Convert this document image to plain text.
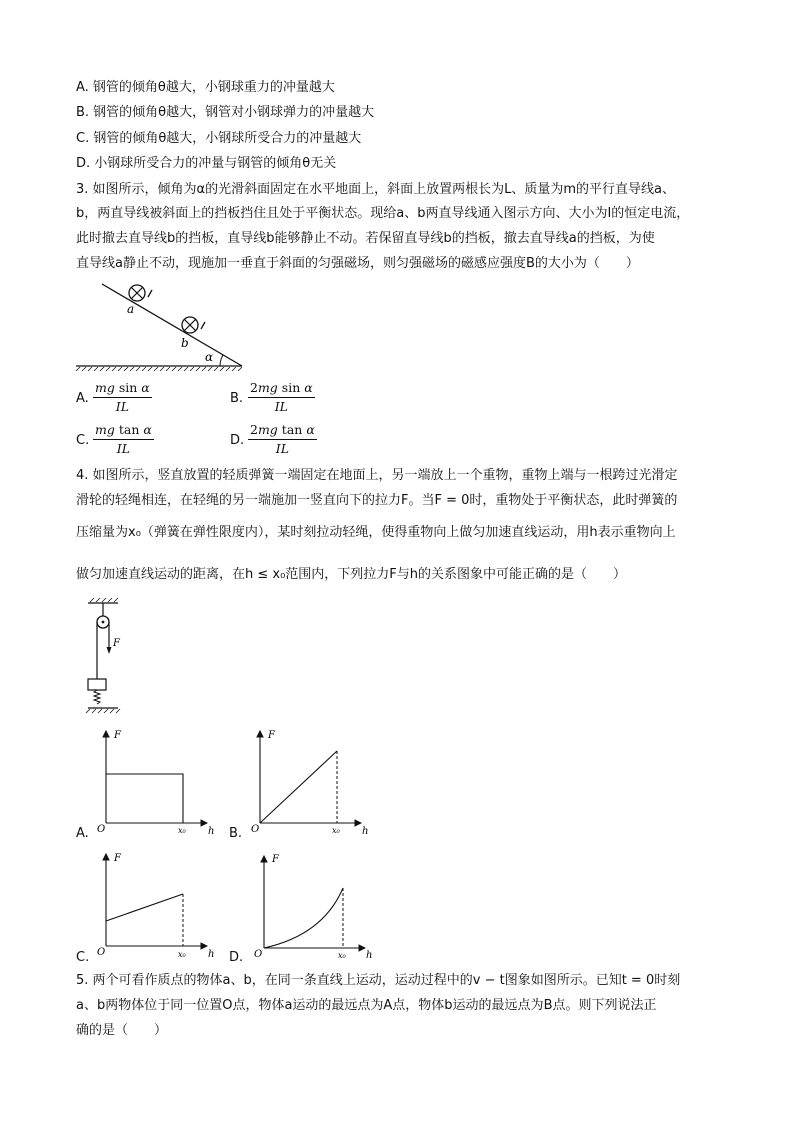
A. 钢管的倾角θ越大，小钢球重力的冲量越大
B. 钢管的倾角θ越大，钢管对小钢球弹力的冲量越大
C. 钢管的倾角θ越大，小钢球所受合力的冲量越大
D. 小钢球所受合力的冲量与钢管的倾角θ无关
3. 如图所示，倾角为α的光滑斜面固定在水平地面上，斜面上放置两根长为L、质量为m的平行直导线a、
b，两直导线被斜面上的挡板挡住且处于平衡状态。现给a、b两直导线通入图示方向、大小为I的恒定电流，
此时撤去直导线b的挡板，直导线b能够静止不动。若保留直导线b的挡板，撤去直导线a的挡板，为使
直导线a静止不动，现施加一垂直于斜面的匀强磁场，则匀强磁场的磁感应强度B的大小为（　　）
a
b
α
A. $\frac{\text{mg sin α}}{IL}$	B. $\frac{\text{2mg sin α}}{IL}$
C. $\frac{\text{mg tan α}}{IL}$	D. $\frac{\text{2mg tan α}}{IL}$
4. 如图所示，竖直放置的轻质弹簧一端固定在地面上，另一端放上一个重物，重物上端与一根跨过光滑定
滑轮的轻绳相连，在轻绳的另一端施加一竖直向下的拉力F。当F = 0时，重物处于平衡状态，此时弹簧的
压缩量为x₀（弹簧在弹性限度内），某时刻拉动轻绳，使得重物向上做匀加速直线运动，用h表示重物向上
做匀加速直线运动的距离，在h ≤ x₀范围内，下列拉力F与h的关系图象中可能正确的是（　　）
F
F
O	x₀ h
F
O	x₀ h
F
O	x₀ h
F
O	x₀ h
A.	B.
C.	D.
5. 两个可看作质点的物体a、b，在同一条直线上运动，运动过程中的v − t图象如图所示。已知t = 0时刻
a、b两物体位于同一位置O点，物体a运动的最远点为A点，物体b运动的最远点为B点。则下列说法正
确的是（　　）
